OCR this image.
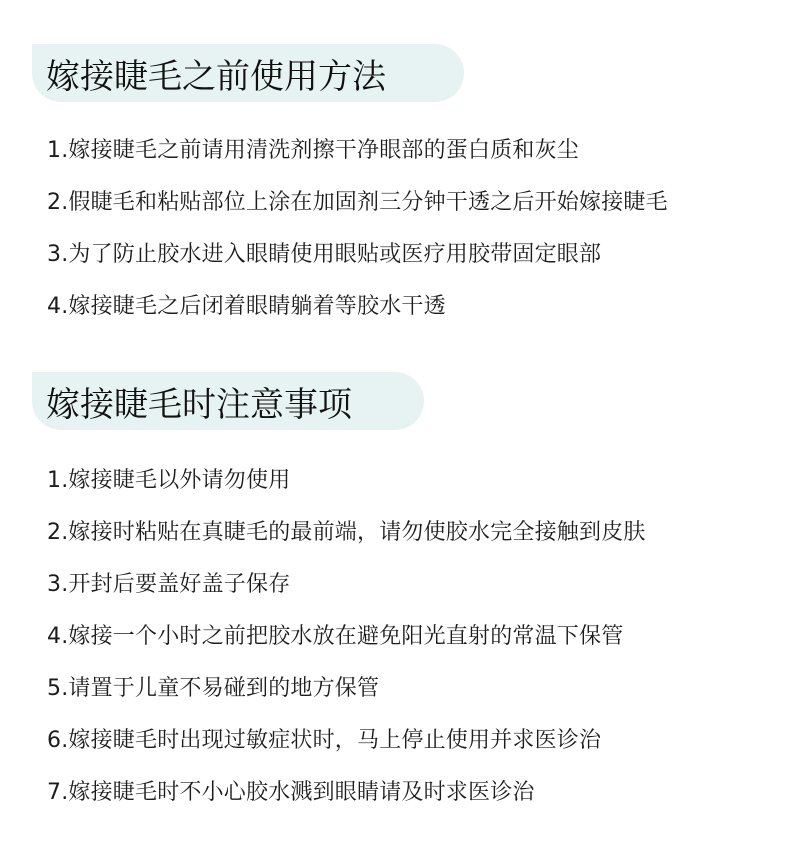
嫁接睫毛之前使用方法
1.嫁接睫毛之前请用清洗剂擦干净眼部的蛋白质和灰尘
2.假睫毛和粘贴部位上涂在加固剂三分钟干透之后开始嫁接睫毛
3.为了防止胶水进入眼睛使用眼贴或医疗用胶带固定眼部
4.嫁接睫毛之后闭着眼睛躺着等胶水干透
嫁接睫毛时注意事项
1.嫁接睫毛以外请勿使用
2.嫁接时粘贴在真睫毛的最前端，请勿使胶水完全接触到皮肤
3.开封后要盖好盖子保存
4.嫁接一个小时之前把胶水放在避免阳光直射的常温下保管
5.请置于儿童不易碰到的地方保管
6.嫁接睫毛时出现过敏症状时，马上停止使用并求医诊治
7.嫁接睫毛时不小心胶水溅到眼睛请及时求医诊治
